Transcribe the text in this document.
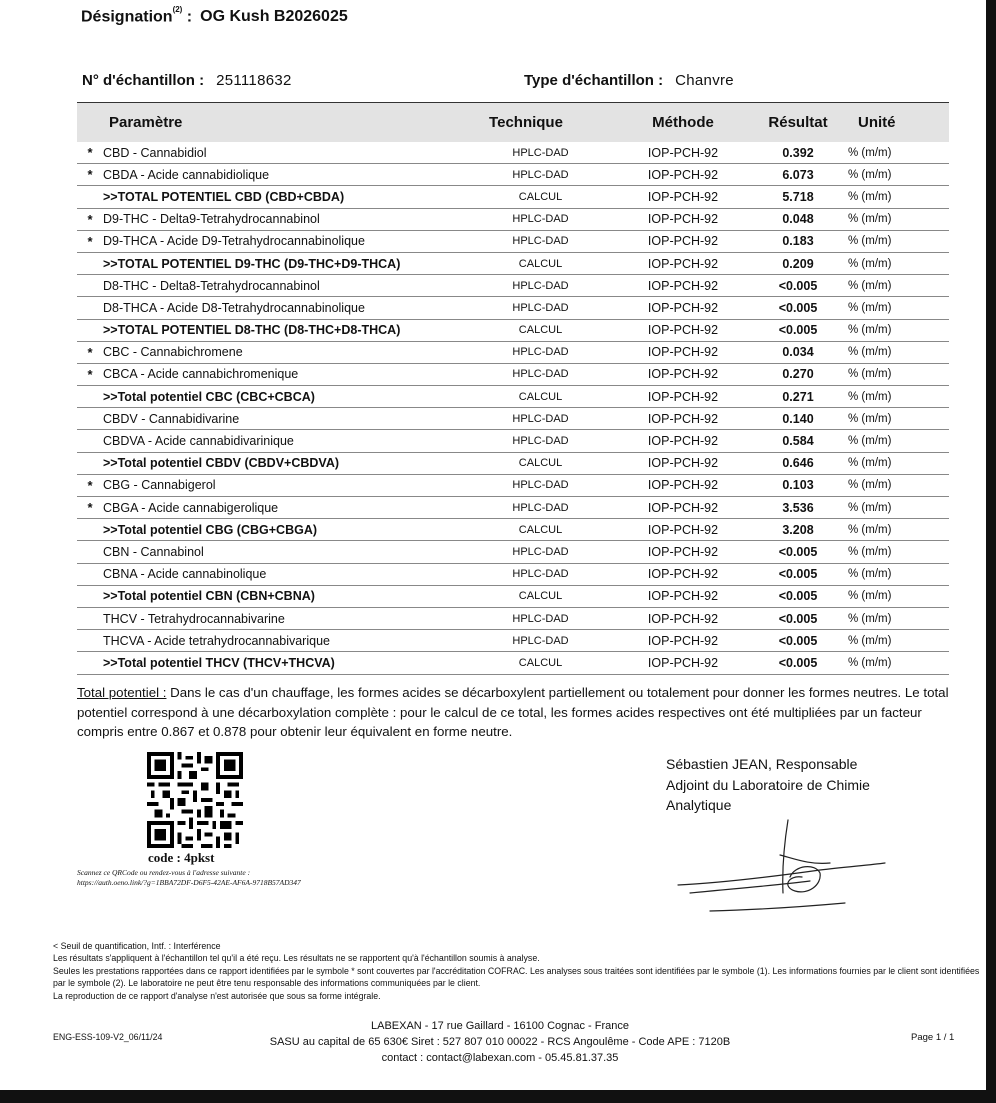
Désignation$^{(2)}$ : OG Kush B2026025
N° d'échantillon : 251118632	Type d'échantillon : Chanvre
	Paramètre	Technique	Méthode	Résultat	Unité
*	CBD - Cannabidiol	HPLC-DAD	IOP-PCH-92	0.392	% (m/m)
*	CBDA - Acide cannabidiolique	HPLC-DAD	IOP-PCH-92	6.073	% (m/m)
	>>TOTAL POTENTIEL CBD (CBD+CBDA)	CALCUL	IOP-PCH-92	5.718	% (m/m)
*	D9-THC - Delta9-Tetrahydrocannabinol	HPLC-DAD	IOP-PCH-92	0.048	% (m/m)
*	D9-THCA - Acide D9-Tetrahydrocannabinolique	HPLC-DAD	IOP-PCH-92	0.183	% (m/m)
	>>TOTAL POTENTIEL D9-THC (D9-THC+D9-THCA)	CALCUL	IOP-PCH-92	0.209	% (m/m)
	D8-THC - Delta8-Tetrahydrocannabinol	HPLC-DAD	IOP-PCH-92	<0.005	% (m/m)
	D8-THCA - Acide D8-Tetrahydrocannabinolique	HPLC-DAD	IOP-PCH-92	<0.005	% (m/m)
	>>TOTAL POTENTIEL D8-THC (D8-THC+D8-THCA)	CALCUL	IOP-PCH-92	<0.005	% (m/m)
*	CBC - Cannabichromene	HPLC-DAD	IOP-PCH-92	0.034	% (m/m)
*	CBCA - Acide cannabichromenique	HPLC-DAD	IOP-PCH-92	0.270	% (m/m)
	>>Total potentiel CBC (CBC+CBCA)	CALCUL	IOP-PCH-92	0.271	% (m/m)
	CBDV - Cannabidivarine	HPLC-DAD	IOP-PCH-92	0.140	% (m/m)
	CBDVA - Acide cannabidivarinique	HPLC-DAD	IOP-PCH-92	0.584	% (m/m)
	>>Total potentiel CBDV (CBDV+CBDVA)	CALCUL	IOP-PCH-92	0.646	% (m/m)
*	CBG - Cannabigerol	HPLC-DAD	IOP-PCH-92	0.103	% (m/m)
*	CBGA - Acide cannabigerolique	HPLC-DAD	IOP-PCH-92	3.536	% (m/m)
	>>Total potentiel CBG (CBG+CBGA)	CALCUL	IOP-PCH-92	3.208	% (m/m)
	CBN - Cannabinol	HPLC-DAD	IOP-PCH-92	<0.005	% (m/m)
	CBNA - Acide cannabinolique	HPLC-DAD	IOP-PCH-92	<0.005	% (m/m)
	>>Total potentiel CBN (CBN+CBNA)	CALCUL	IOP-PCH-92	<0.005	% (m/m)
	THCV - Tetrahydrocannabivarine	HPLC-DAD	IOP-PCH-92	<0.005	% (m/m)
	THCVA - Acide tetrahydrocannabivarique	HPLC-DAD	IOP-PCH-92	<0.005	% (m/m)
	>>Total potentiel THCV (THCV+THCVA)	CALCUL	IOP-PCH-92	<0.005	% (m/m)
Total potentiel : Dans le cas d'un chauffage, les formes acides se décarboxylent partiellement ou totalement pour donner les formes neutres. Le total potentiel correspond à une décarboxylation complète : pour le calcul de ce total, les formes acides respectives ont été multipliées par un facteur compris entre 0.867 et 0.878 pour obtenir leur équivalent en forme neutre.
code : 4pkst
Scannez ce QRCode ou rendez-vous à l'adresse suivante :
https://auth.oeno.link/?g=1BBA72DF-D6F5-42AE-AF6A-9718B57AD347
Sébastien JEAN, Responsable
Adjoint du Laboratoire de Chimie
Analytique
< Seuil de quantification, Intf. : Interférence
Les résultats s'appliquent à l'échantillon tel qu'il a été reçu. Les résultats ne se rapportent qu'à l'échantillon soumis à analyse.
Seules les prestations rapportées dans ce rapport identifiées par le symbole * sont couvertes par l'accréditation COFRAC. Les analyses sous traitées sont identifiées par le symbole (1). Les informations fournies par le client sont identifiées par le symbole (2). Le laboratoire ne peut être tenu responsable des informations communiquées par le client.
La reproduction de ce rapport d'analyse n'est autorisée que sous sa forme intégrale.
ENG-ESS-109-V2_06/11/24
LABEXAN - 17 rue Gaillard - 16100 Cognac - France
SASU au capital de 65 630€ Siret : 527 807 010 00022 - RCS Angoulême - Code APE : 7120B
contact : contact@labexan.com - 05.45.81.37.35
Page 1 / 1
